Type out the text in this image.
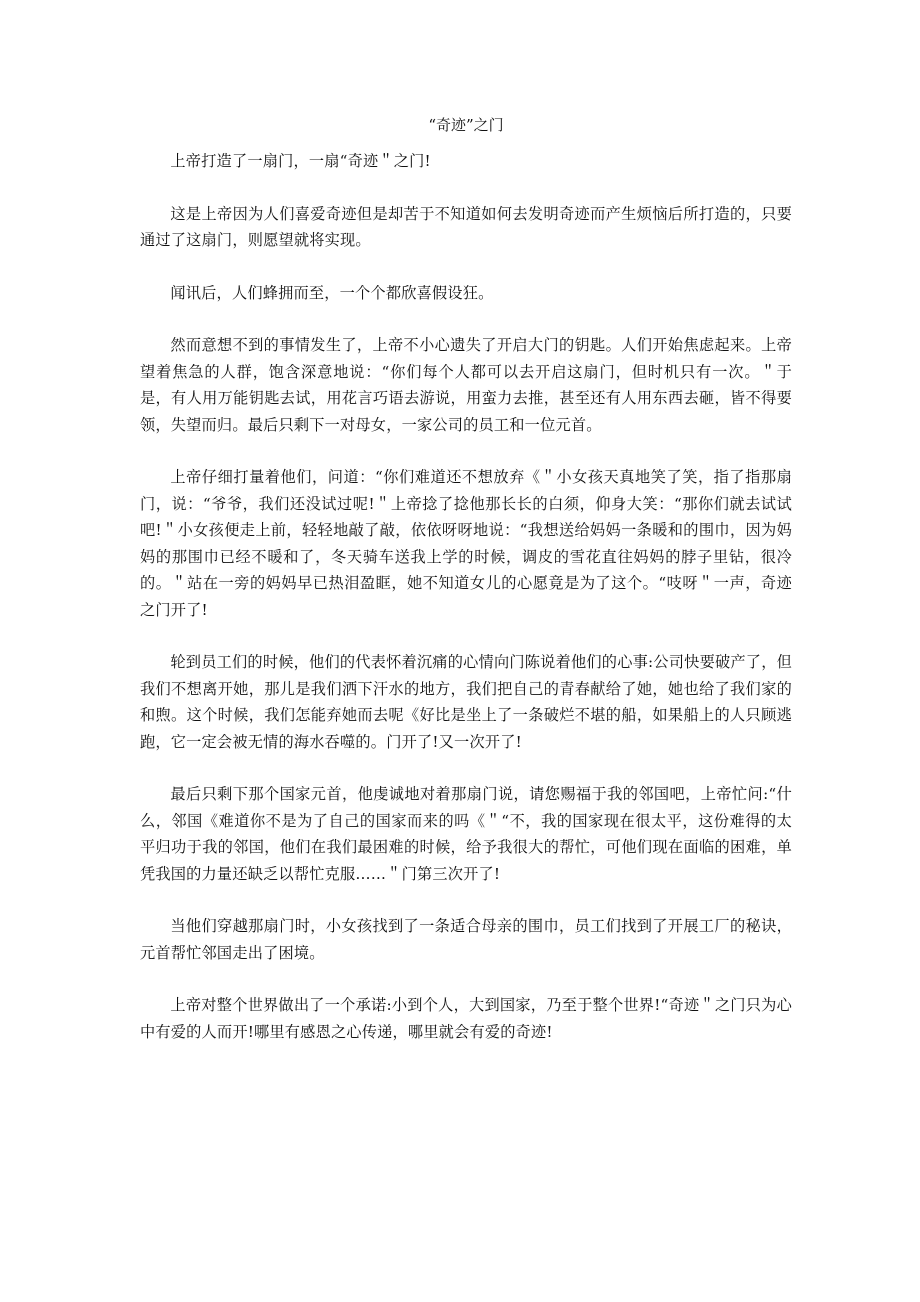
“奇迹”之门

上帝打造了一扇门，一扇“奇迹＂之门!

这是上帝因为人们喜爱奇迹但是却苦于不知道如何去发明奇迹而产生烦恼后所打造的，只要通过了这扇门，则愿望就将实现。

闻讯后，人们蜂拥而至，一个个都欣喜假设狂。

然而意想不到的事情发生了，上帝不小心遗失了开启大门的钥匙。人们开始焦虑起来。上帝望着焦急的人群，饱含深意地说：“你们每个人都可以去开启这扇门，但时机只有一次。＂于是，有人用万能钥匙去试，用花言巧语去游说，用蛮力去推，甚至还有人用东西去砸，皆不得要领，失望而归。最后只剩下一对母女，一家公司的员工和一位元首。

上帝仔细打量着他们，问道：“你们难道还不想放弃《＂小女孩天真地笑了笑，指了指那扇门，说：“爷爷，我们还没试过呢!＂上帝捻了捻他那长长的白须，仰身大笑：“那你们就去试试吧!＂小女孩便走上前，轻轻地敲了敲，依依呀呀地说：“我想送给妈妈一条暖和的围巾，因为妈妈的那围巾已经不暖和了，冬天骑车送我上学的时候，调皮的雪花直往妈妈的脖子里钻，很冷的。＂站在一旁的妈妈早已热泪盈眶，她不知道女儿的心愿竟是为了这个。“吱呀＂一声，奇迹之门开了!

轮到员工们的时候，他们的代表怀着沉痛的心情向门陈说着他们的心事:公司快要破产了，但我们不想离开她，那儿是我们洒下汗水的地方，我们把自己的青春献给了她，她也给了我们家的和煦。这个时候，我们怎能弃她而去呢《好比是坐上了一条破烂不堪的船，如果船上的人只顾逃跑，它一定会被无情的海水吞噬的。门开了!又一次开了!

最后只剩下那个国家元首，他虔诚地对着那扇门说，请您赐福于我的邻国吧，上帝忙问:“什么，邻国《难道你不是为了自己的国家而来的吗《＂“不，我的国家现在很太平，这份难得的太平归功于我的邻国，他们在我们最困难的时候，给予我很大的帮忙，可他们现在面临的困难，单凭我国的力量还缺乏以帮忙克服……＂门第三次开了!

当他们穿越那扇门时，小女孩找到了一条适合母亲的围巾，员工们找到了开展工厂的秘诀，元首帮忙邻国走出了困境。

上帝对整个世界做出了一个承诺:小到个人，大到国家，乃至于整个世界!“奇迹＂之门只为心中有爱的人而开!哪里有感恩之心传递，哪里就会有爱的奇迹!
